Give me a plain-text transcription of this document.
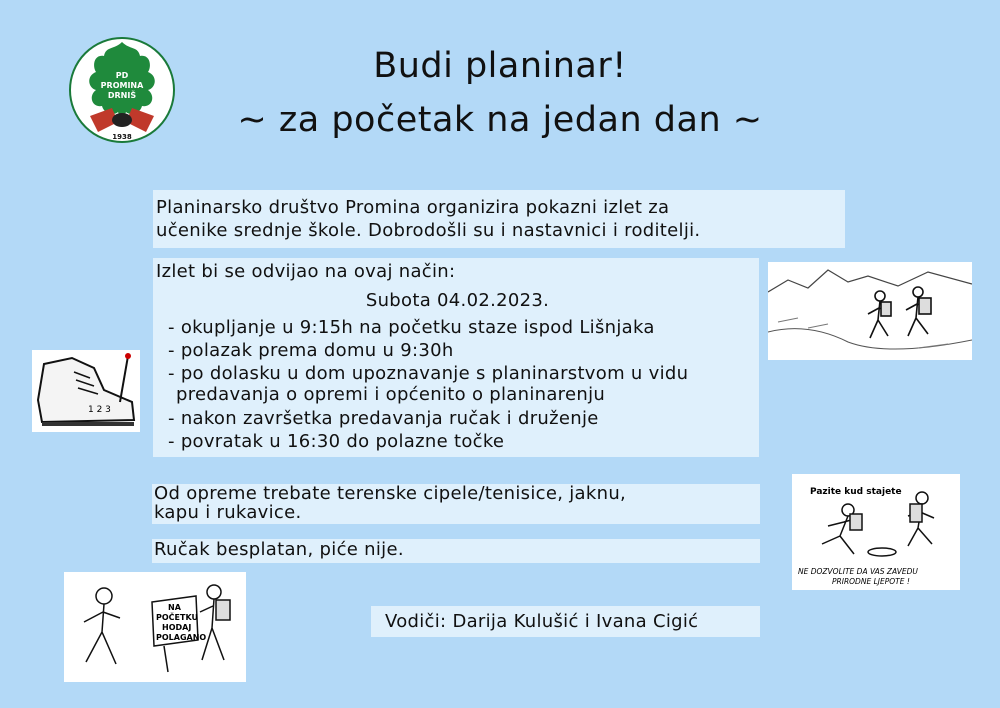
PD
PROMINA
DRNIŠ
1938
Budi planinar!
~ za početak na jedan dan ~
Planinarsko društvo Promina organizira pokazni izlet za
učenike srednje škole. Dobrodošli su i nastavnici i roditelji.
Izlet bi se odvijao na ovaj način:
Subota 04.02.2023.
- okupljanje u 9:15h na početku staze ispod Lišnjaka
- polazak prema domu u 9:30h
- po dolasku u dom upoznavanje s planinarstvom u vidu
predavanja o opremi i općenito o planinarenju
- nakon završetka predavanja ručak i druženje
- povratak u 16:30 do polazne točke
Od opreme trebate terenske cipele/tenisice, jaknu,
kapu i rukavice.
Ručak besplatan, piće nije.
Vodiči: Darija Kulušić i Ivana Cigić
1 2 3
Pazite kud stajete
NE DOZVOLITE DA VAS ZAVEDU
PRIRODNE LJEPOTE !
NA
POČETKU
HODAJ
POLAGANO
